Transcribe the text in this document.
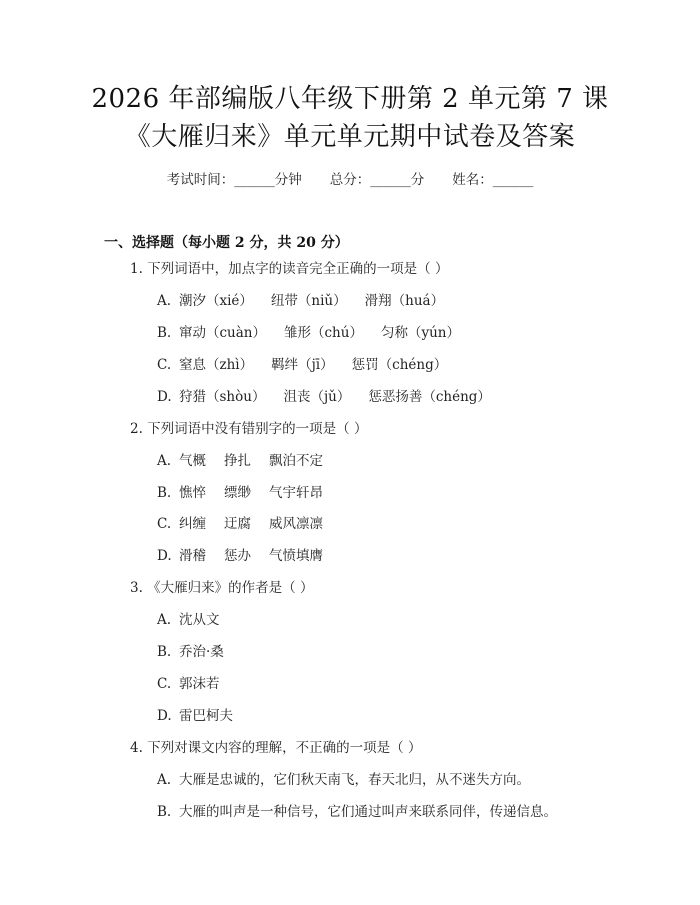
2026 年部编版八年级下册第 2 单元第 7 课
《大雁归来》单元单元期中试卷及答案
考试时间：______分钟 总分：______分 姓名：______
一、选择题（每小题 2 分，共 20 分）
1. 下列词语中，加点字的读音完全正确的一项是（ ）
A. 潮汐（xié） 纽带（niǔ） 滑翔（huá）
B. 窜动（cuàn） 雏形（chú） 匀称（yún）
C. 窒息（zhì） 羁绊（jī） 惩罚（chéng）
D. 狩猎（shòu） 沮丧（jǔ） 惩恶扬善（chéng）
2. 下列词语中没有错别字的一项是（ ）
A. 气概 挣扎 飘泊不定
B. 憔悴 缥缈 气宇轩昂
C. 纠缠 迂腐 威风凛凛
D. 滑稽 惩办 气愤填膺
3. 《大雁归来》的作者是（ ）
A. 沈从文
B. 乔治·桑
C. 郭沫若
D. 雷巴柯夫
4. 下列对课文内容的理解，不正确的一项是（ ）
A. 大雁是忠诚的，它们秋天南飞，春天北归，从不迷失方向。
B. 大雁的叫声是一种信号，它们通过叫声来联系同伴，传递信息。
